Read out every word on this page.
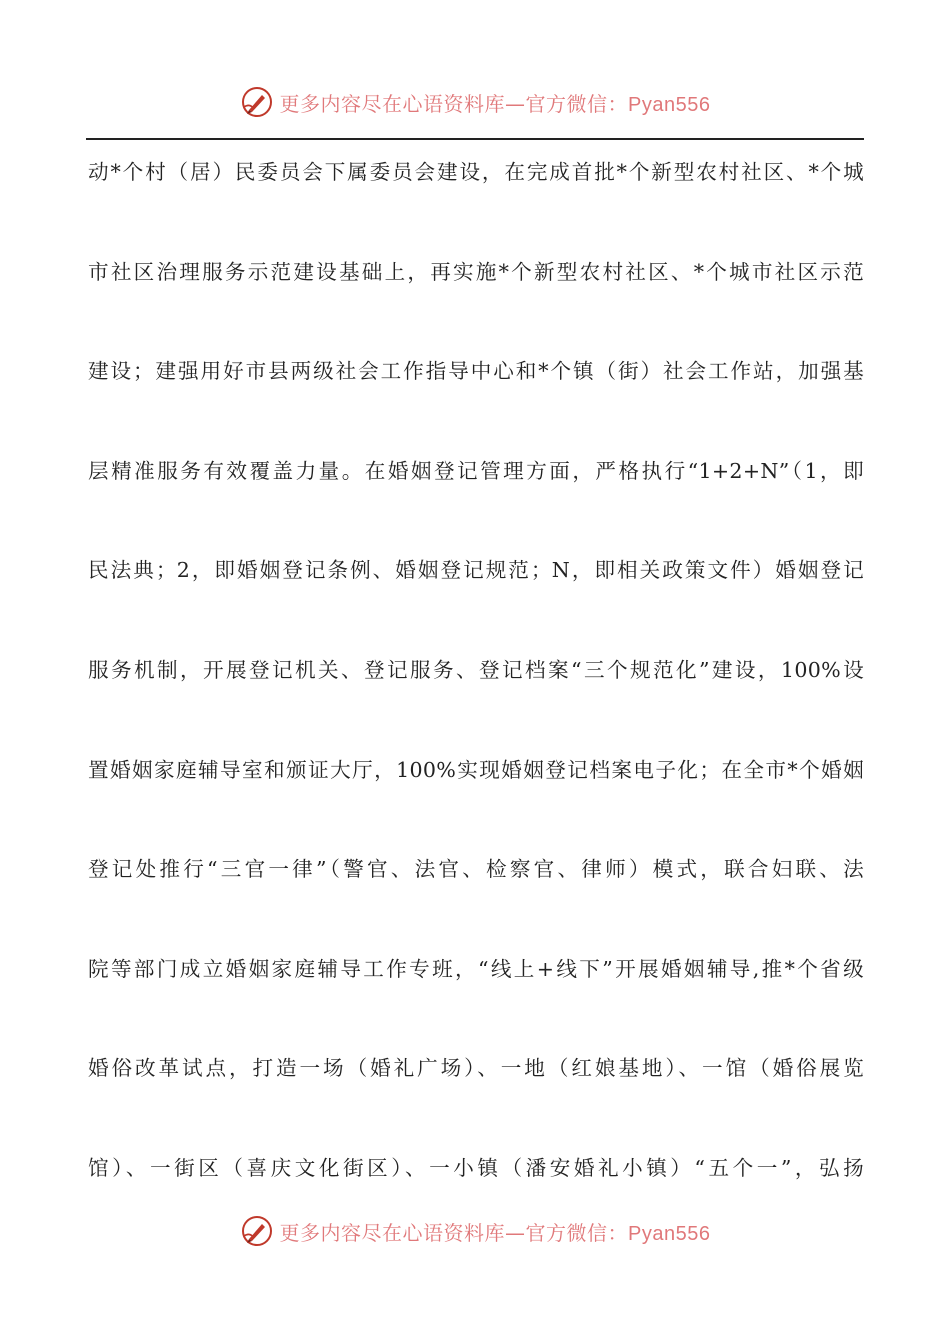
更多内容尽在心语资料库—官方微信：Pyan556
动*个村（居）民委员会下属委员会建设，在完成首批*个新型农村社区、*个城
市社区治理服务示范建设基础上，再实施*个新型农村社区、*个城市社区示范
建设；建强用好市县两级社会工作指导中心和*个镇（街）社会工作站，加强基
层精准服务有效覆盖力量。在婚姻登记管理方面，严格执行“1+2+N”（1，即
民法典；2，即婚姻登记条例、婚姻登记规范；N，即相关政策文件）婚姻登记
服务机制，开展登记机关、登记服务、登记档案“三个规范化”建设，100%设
置婚姻家庭辅导室和颁证大厅，100%实现婚姻登记档案电子化；在全市*个婚姻
登记处推行“三官一律”（警官、法官、检察官、律师）模式，联合妇联、法
院等部门成立婚姻家庭辅导工作专班，“线上+线下”开展婚姻辅导,推*个省级
婚俗改革试点，打造一场（婚礼广场）、一地（红娘基地）、一馆（婚俗展览
馆）、一街区（喜庆文化街区）、一小镇（潘安婚礼小镇）“五个一”，弘扬
更多内容尽在心语资料库—官方微信：Pyan556
